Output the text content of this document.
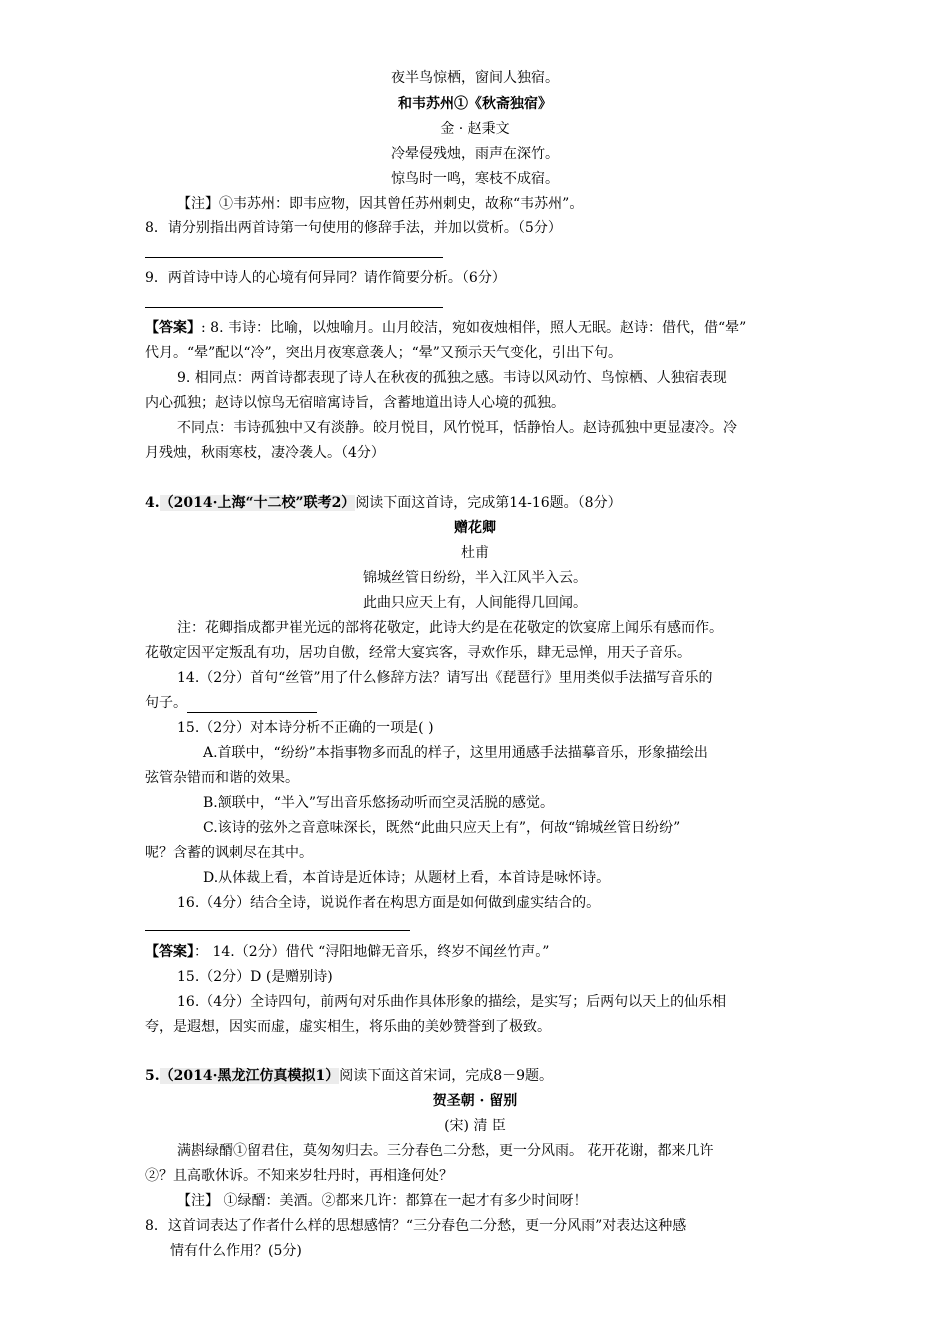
夜半鸟惊栖，窗间人独宿。
和韦苏州①《秋斋独宿》
金 · 赵秉文
冷晕侵残烛，雨声在深竹。
惊鸟时一鸣，寒枝不成宿。
【注】①韦苏州：即韦应物，因其曾任苏州刺史，故称“韦苏州”。
8．请分别指出两首诗第一句使用的修辞手法，并加以赏析。（5分）
9．两首诗中诗人的心境有何异同？请作简要分析。（6分）
【答案】: 8. 韦诗：比喻，以烛喻月。山月皎洁，宛如夜烛相伴，照人无眠。赵诗：借代，借“晕”
代月。“晕”配以“冷”，突出月夜寒意袭人；“晕”又预示天气变化，引出下句。
9. 相同点：两首诗都表现了诗人在秋夜的孤独之感。韦诗以风动竹、鸟惊栖、人独宿表现
内心孤独；赵诗以惊鸟无宿暗寓诗旨，含蓄地道出诗人心境的孤独。
不同点：韦诗孤独中又有淡静。皎月悦目，风竹悦耳，恬静怡人。赵诗孤独中更显凄冷。冷
月残烛，秋雨寒枝，凄冷袭人。（4分）
4.（2014·上海“十二校”联考2）阅读下面这首诗，完成第14-16题。（8分）
赠花卿
杜甫
锦城丝管日纷纷，半入江风半入云。
此曲只应天上有，人间能得几回闻。
注：花卿指成都尹崔光远的部将花敬定，此诗大约是在花敬定的饮宴席上闻乐有感而作。
花敬定因平定叛乱有功，居功自傲，经常大宴宾客，寻欢作乐，肆无忌惮，用天子音乐。
14.（2分）首句“丝管”用了什么修辞方法？请写出《琵琶行》里用类似手法描写音乐的
句子。
15.（2分）对本诗分析不正确的一项是( )
A.首联中，“纷纷”本指事物多而乱的样子，这里用通感手法描摹音乐，形象描绘出
弦管杂错而和谐的效果。
B.颔联中，“半入”写出音乐悠扬动听而空灵活脱的感觉。
C.该诗的弦外之音意味深长，既然“此曲只应天上有”，何故“锦城丝管日纷纷”
呢？含蓄的讽刺尽在其中。
D.从体裁上看，本首诗是近体诗；从题材上看，本首诗是咏怀诗。
16.（4分）结合全诗，说说作者在构思方面是如何做到虚实结合的。
【答案】： 14.（2分）借代 “浔阳地僻无音乐，终岁不闻丝竹声。”
15.（2分）D (是赠别诗)
16.（4分）全诗四句，前两句对乐曲作具体形象的描绘，是实写；后两句以天上的仙乐相
夸，是遐想，因实而虚，虚实相生，将乐曲的美妙赞誉到了极致。
5.（2014·黑龙江仿真模拟1）阅读下面这首宋词，完成8－9题。
贺圣朝 · 留别
(宋) 清 臣
满斟绿醑①留君住，莫匆匆归去。三分春色二分愁，更一分风雨。 花开花谢，都来几许
②？且高歌休诉。不知来岁牡丹时，再相逢何处？
【注】 ①绿醑：美酒。②都来几许：都算在一起才有多少时间呀！
8．这首词表达了作者什么样的思想感情？“三分春色二分愁，更一分风雨”对表达这种感
情有什么作用？(5分)
